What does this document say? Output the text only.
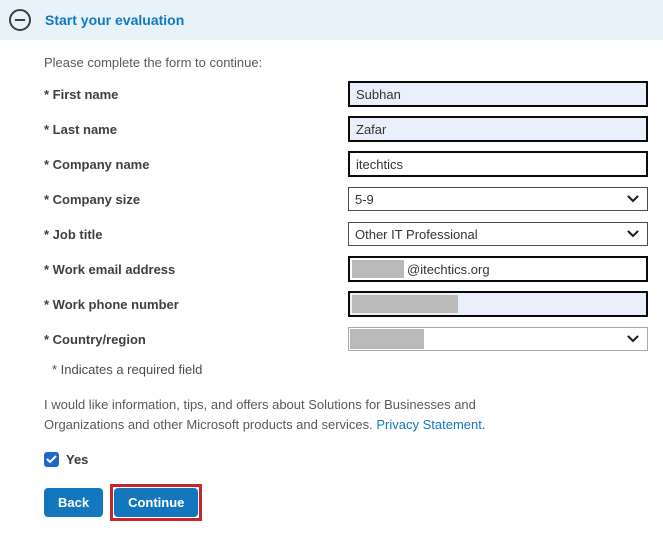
Start your evaluation
Please complete the form to continue:
* First name
Subhan
* Last name
Zafar
* Company name
itechtics
* Company size	5-9
* Job title	Other IT Professional
* Work email address	@itechtics.org
* Work phone number
* Country/region
* Indicates a required field
I would like information, tips, and offers about Solutions for Businesses and Organizations and other Microsoft products and services. Privacy Statement.
Yes
Back	Continue
